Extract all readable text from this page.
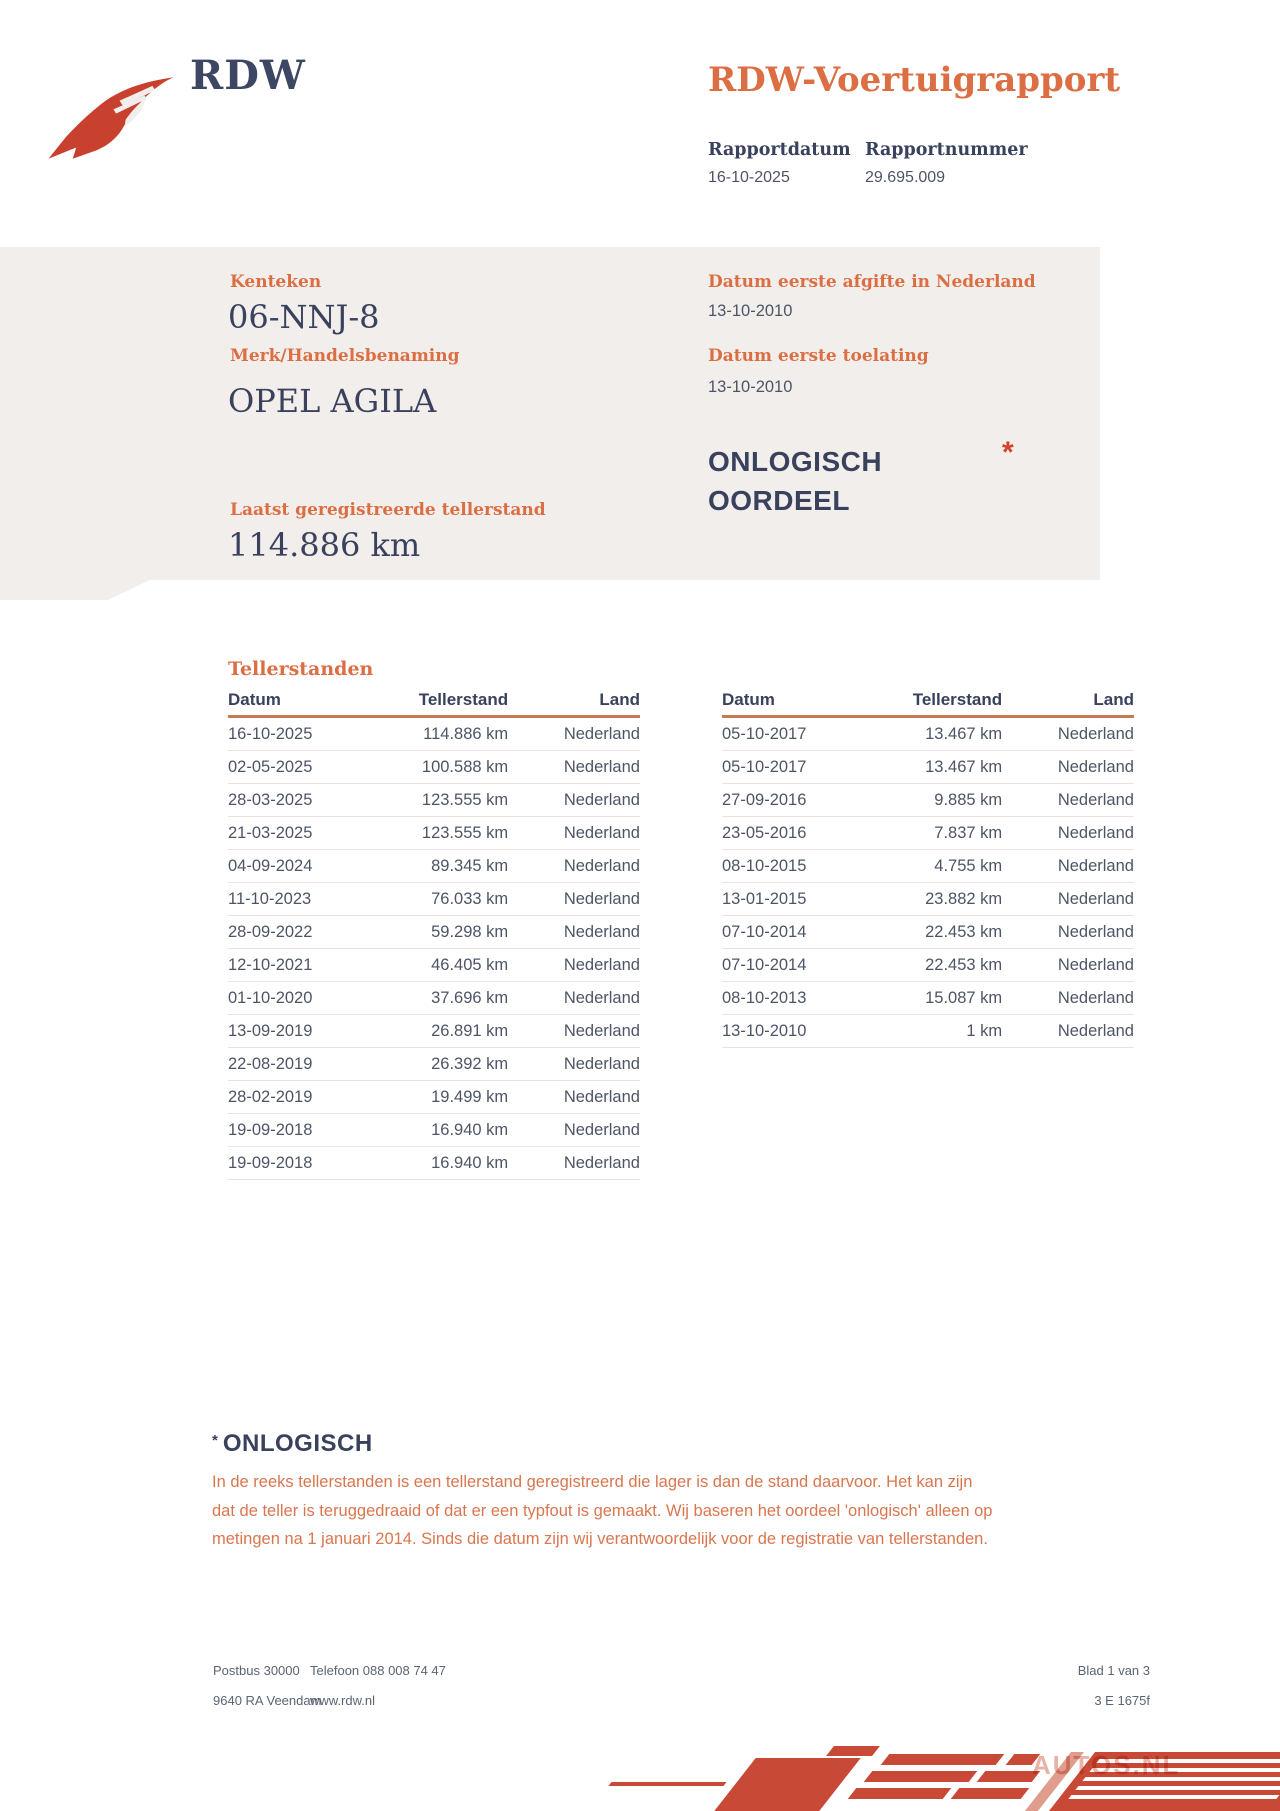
RDW	RDW-Voertuigrapport
Rapportdatum Rapportnummer
16-10-2025	29.695.009
Kenteken
06-NNJ-8
Merk/Handelsbenaming
OPEL AGILA
Laatst geregistreerde tellerstand
114.886 km
Datum eerste afgifte in Nederland
13-10-2010
Datum eerste toelating
13-10-2010
ONLOGISCH
OORDEEL
*
Tellerstanden
Datum	Tellerstand	Land
16-10-2025	114.886 km	Nederland
02-05-2025	100.588 km	Nederland
28-03-2025	123.555 km	Nederland
21-03-2025	123.555 km	Nederland
04-09-2024	89.345 km	Nederland
11-10-2023	76.033 km	Nederland
28-09-2022	59.298 km	Nederland
12-10-2021	46.405 km	Nederland
01-10-2020	37.696 km	Nederland
13-09-2019	26.891 km	Nederland
22-08-2019	26.392 km	Nederland
28-02-2019	19.499 km	Nederland
19-09-2018	16.940 km	Nederland
19-09-2018	16.940 km	Nederland
Datum	Tellerstand	Land
05-10-2017	13.467 km	Nederland
05-10-2017	13.467 km	Nederland
27-09-2016	9.885 km	Nederland
23-05-2016	7.837 km	Nederland
08-10-2015	4.755 km	Nederland
13-01-2015	23.882 km	Nederland
07-10-2014	22.453 km	Nederland
07-10-2014	22.453 km	Nederland
08-10-2013	15.087 km	Nederland
13-10-2010	1 km	Nederland
* ONLOGISCH
In de reeks tellerstanden is een tellerstand geregistreerd die lager is dan de stand daarvoor. Het kan zijn
dat de teller is teruggedraaid of dat er een typfout is gemaakt. Wij baseren het oordeel 'onlogisch' alleen op
metingen na 1 januari 2014. Sinds die datum zijn wij verantwoordelijk voor de registratie van tellerstanden.
Postbus 30000
9640 RA Veendam
Telefoon 088 008 74 47
www.rdw.nl
Blad 1 van 3
3 E 1675f
AUTOS.NL
